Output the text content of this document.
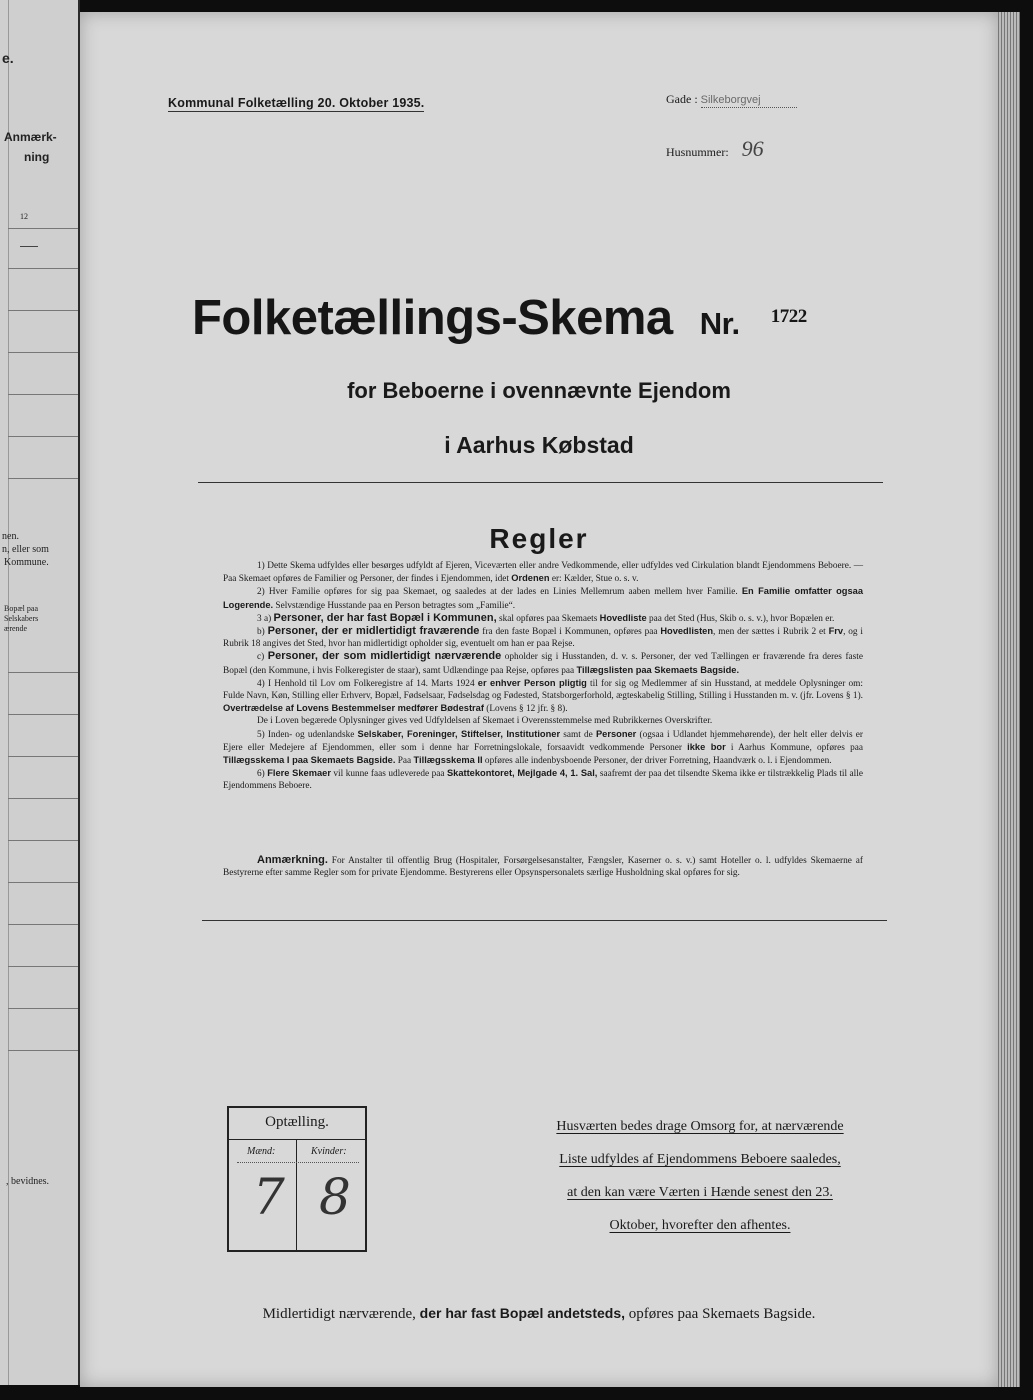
e.
Anmærk-
ning
12
nen.
n, eller som
Kommune.
Bopæl paa
Selskabers
ærende
, bevidnes.
Kommunal Folketælling 20. Oktober 1935.	Gade : Silkeborgvej
Husnummer: 96
Folketællings-Skema Nr. $^{1722}$
for Beboerne i ovennævnte Ejendom
i Aarhus Købstad
Regler

1) Dette Skema udfyldes eller besørges udfyldt af Ejeren, Viceværten eller andre Vedkommende, eller udfyldes ved Cirkulation blandt Ejendommens Beboere. — Paa Skemaet opføres de Familier og Personer, der findes i Ejendommen, idet Ordenen er: Kælder, Stue o. s. v.

2) Hver Familie opføres for sig paa Skemaet, og saaledes at der lades en Linies Mellemrum aaben mellem hver Familie. En Familie omfatter ogsaa Logerende. Selvstændige Husstande paa en Person betragtes som „Familie“.

3 a) Personer, der har fast Bopæl i Kommunen, skal opføres paa Skemaets Hovedliste paa det Sted (Hus, Skib o. s. v.), hvor Bopælen er.

b) Personer, der er midlertidigt fraværende fra den faste Bopæl i Kommunen, opføres paa Hovedlisten, men der sættes i Rubrik 2 et Frv, og i Rubrik 18 angives det Sted, hvor han midlertidigt opholder sig, eventuelt om han er paa Rejse.

c) Personer, der som midlertidigt nærværende opholder sig i Husstanden, d. v. s. Personer, der ved Tællingen er fraværende fra deres faste Bopæl (den Kommune, i hvis Folkeregister de staar), samt Udlændinge paa Rejse, opføres paa Tillægslisten paa Skemaets Bagside.

4) I Henhold til Lov om Folkeregistre af 14. Marts 1924 er enhver Person pligtig til for sig og Medlemmer af sin Husstand, at meddele Oplysninger om: Fulde Navn, Køn, Stilling eller Erhverv, Bopæl, Fødselsaar, Fødselsdag og Fødested, Statsborgerforhold, ægteskabelig Stilling, Stilling i Husstanden m. v. (jfr. Lovens § 1). Overtrædelse af Lovens Bestemmelser medfører Bødestraf (Lovens § 12 jfr. § 8).

De i Loven begærede Oplysninger gives ved Udfyldelsen af Skemaet i Overensstemmelse med Rubrikkernes Overskrifter.

5) Inden- og udenlandske Selskaber, Foreninger, Stiftelser, Institutioner samt de Personer (ogsaa i Udlandet hjemmehørende), der helt eller delvis er Ejere eller Medejere af Ejendommen, eller som i denne har Forretningslokale, forsaavidt vedkommende Personer ikke bor i Aarhus Kommune, opføres paa Tillægsskema I paa Skemaets Bagside. Paa Tillægsskema II opføres alle indenbysboende Personer, der driver Forretning, Haandværk o. l. i Ejendommen.

6) Flere Skemaer vil kunne faas udleverede paa Skattekontoret, Mejlgade 4, 1. Sal, saafremt der paa det tilsendte Skema ikke er tilstrækkelig Plads til alle Ejendommens Beboere.

Anmærkning. For Anstalter til offentlig Brug (Hospitaler, Forsørgelsesanstalter, Fængsler, Kaserner o. s. v.) samt Hoteller o. l. udfyldes Skemaerne af Bestyrerne efter samme Regler som for private Ejendomme. Bestyrerens eller Opsynspersonalets særlige Husholdning skal opføres for sig.

Optælling.
Mænd:	Kvinder:
7 8
Husværten bedes drage Omsorg for, at nærværende
Liste udfyldes af Ejendommens Beboere saaledes,
at den kan være Værten i Hænde senest den 23.
Oktober, hvorefter den afhentes.
Midlertidigt nærværende, der har fast Bopæl andetsteds, opføres paa Skemaets Bagside.
